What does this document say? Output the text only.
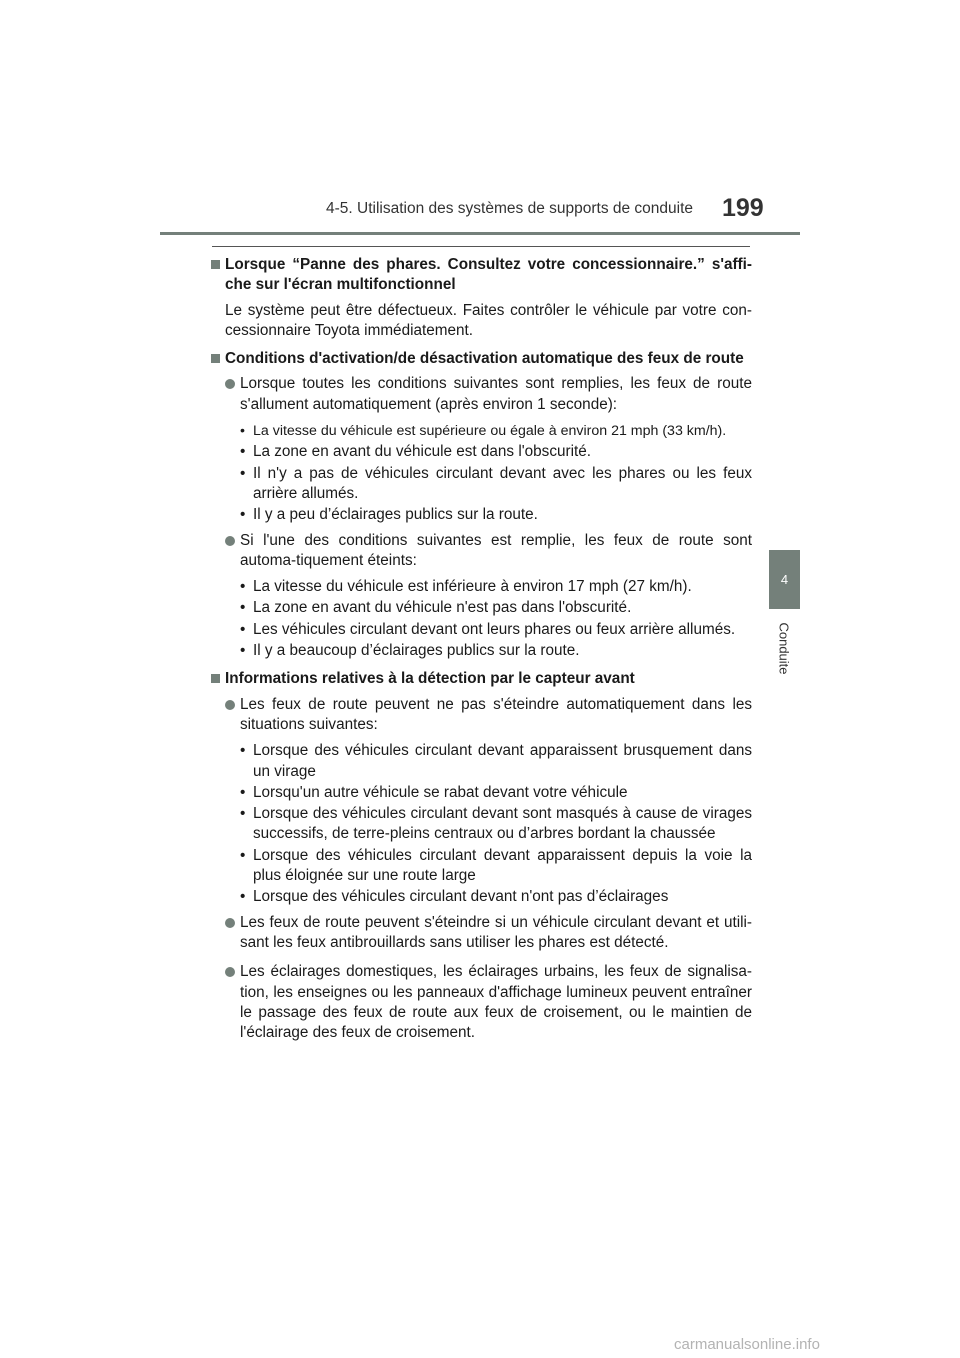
4-5. Utilisation des systèmes de supports de conduite 199
4
Conduite
Lorsque “Panne des phares. Consultez votre concessionnaire.” s'affi-che sur l'écran multifonctionnel
Le système peut être défectueux. Faites contrôler le véhicule par votre con-cessionnaire Toyota immédiatement.
Conditions d'activation/de désactivation automatique des feux de route
Lorsque toutes les conditions suivantes sont remplies, les feux de route s'allument automatiquement (après environ 1 seconde):
• La vitesse du véhicule est supérieure ou égale à environ 21 mph (33 km/h).
• La zone en avant du véhicule est dans l'obscurité.
• Il n'y a pas de véhicules circulant devant avec les phares ou les feux arrière allumés.
• Il y a peu d’éclairages publics sur la route.
Si l'une des conditions suivantes est remplie, les feux de route sont automa-tiquement éteints:
• La vitesse du véhicule est inférieure à environ 17 mph (27 km/h).
• La zone en avant du véhicule n'est pas dans l'obscurité.
• Les véhicules circulant devant ont leurs phares ou feux arrière allumés.
• Il y a beaucoup d’éclairages publics sur la route.
Informations relatives à la détection par le capteur avant
Les feux de route peuvent ne pas s'éteindre automatiquement dans les situations suivantes:
• Lorsque des véhicules circulant devant apparaissent brusquement dans un virage
• Lorsqu'un autre véhicule se rabat devant votre véhicule
• Lorsque des véhicules circulant devant sont masqués à cause de virages successifs, de terre-pleins centraux ou d’arbres bordant la chaussée
• Lorsque des véhicules circulant devant apparaissent depuis la voie la plus éloignée sur une route large
• Lorsque des véhicules circulant devant n'ont pas d’éclairages
Les feux de route peuvent s'éteindre si un véhicule circulant devant et utili-sant les feux antibrouillards sans utiliser les phares est détecté.
Les éclairages domestiques, les éclairages urbains, les feux de signalisa-tion, les enseignes ou les panneaux d'affichage lumineux peuvent entraîner le passage des feux de route aux feux de croisement, ou le maintien de l'éclairage des feux de croisement.
carmanualsonline.info
